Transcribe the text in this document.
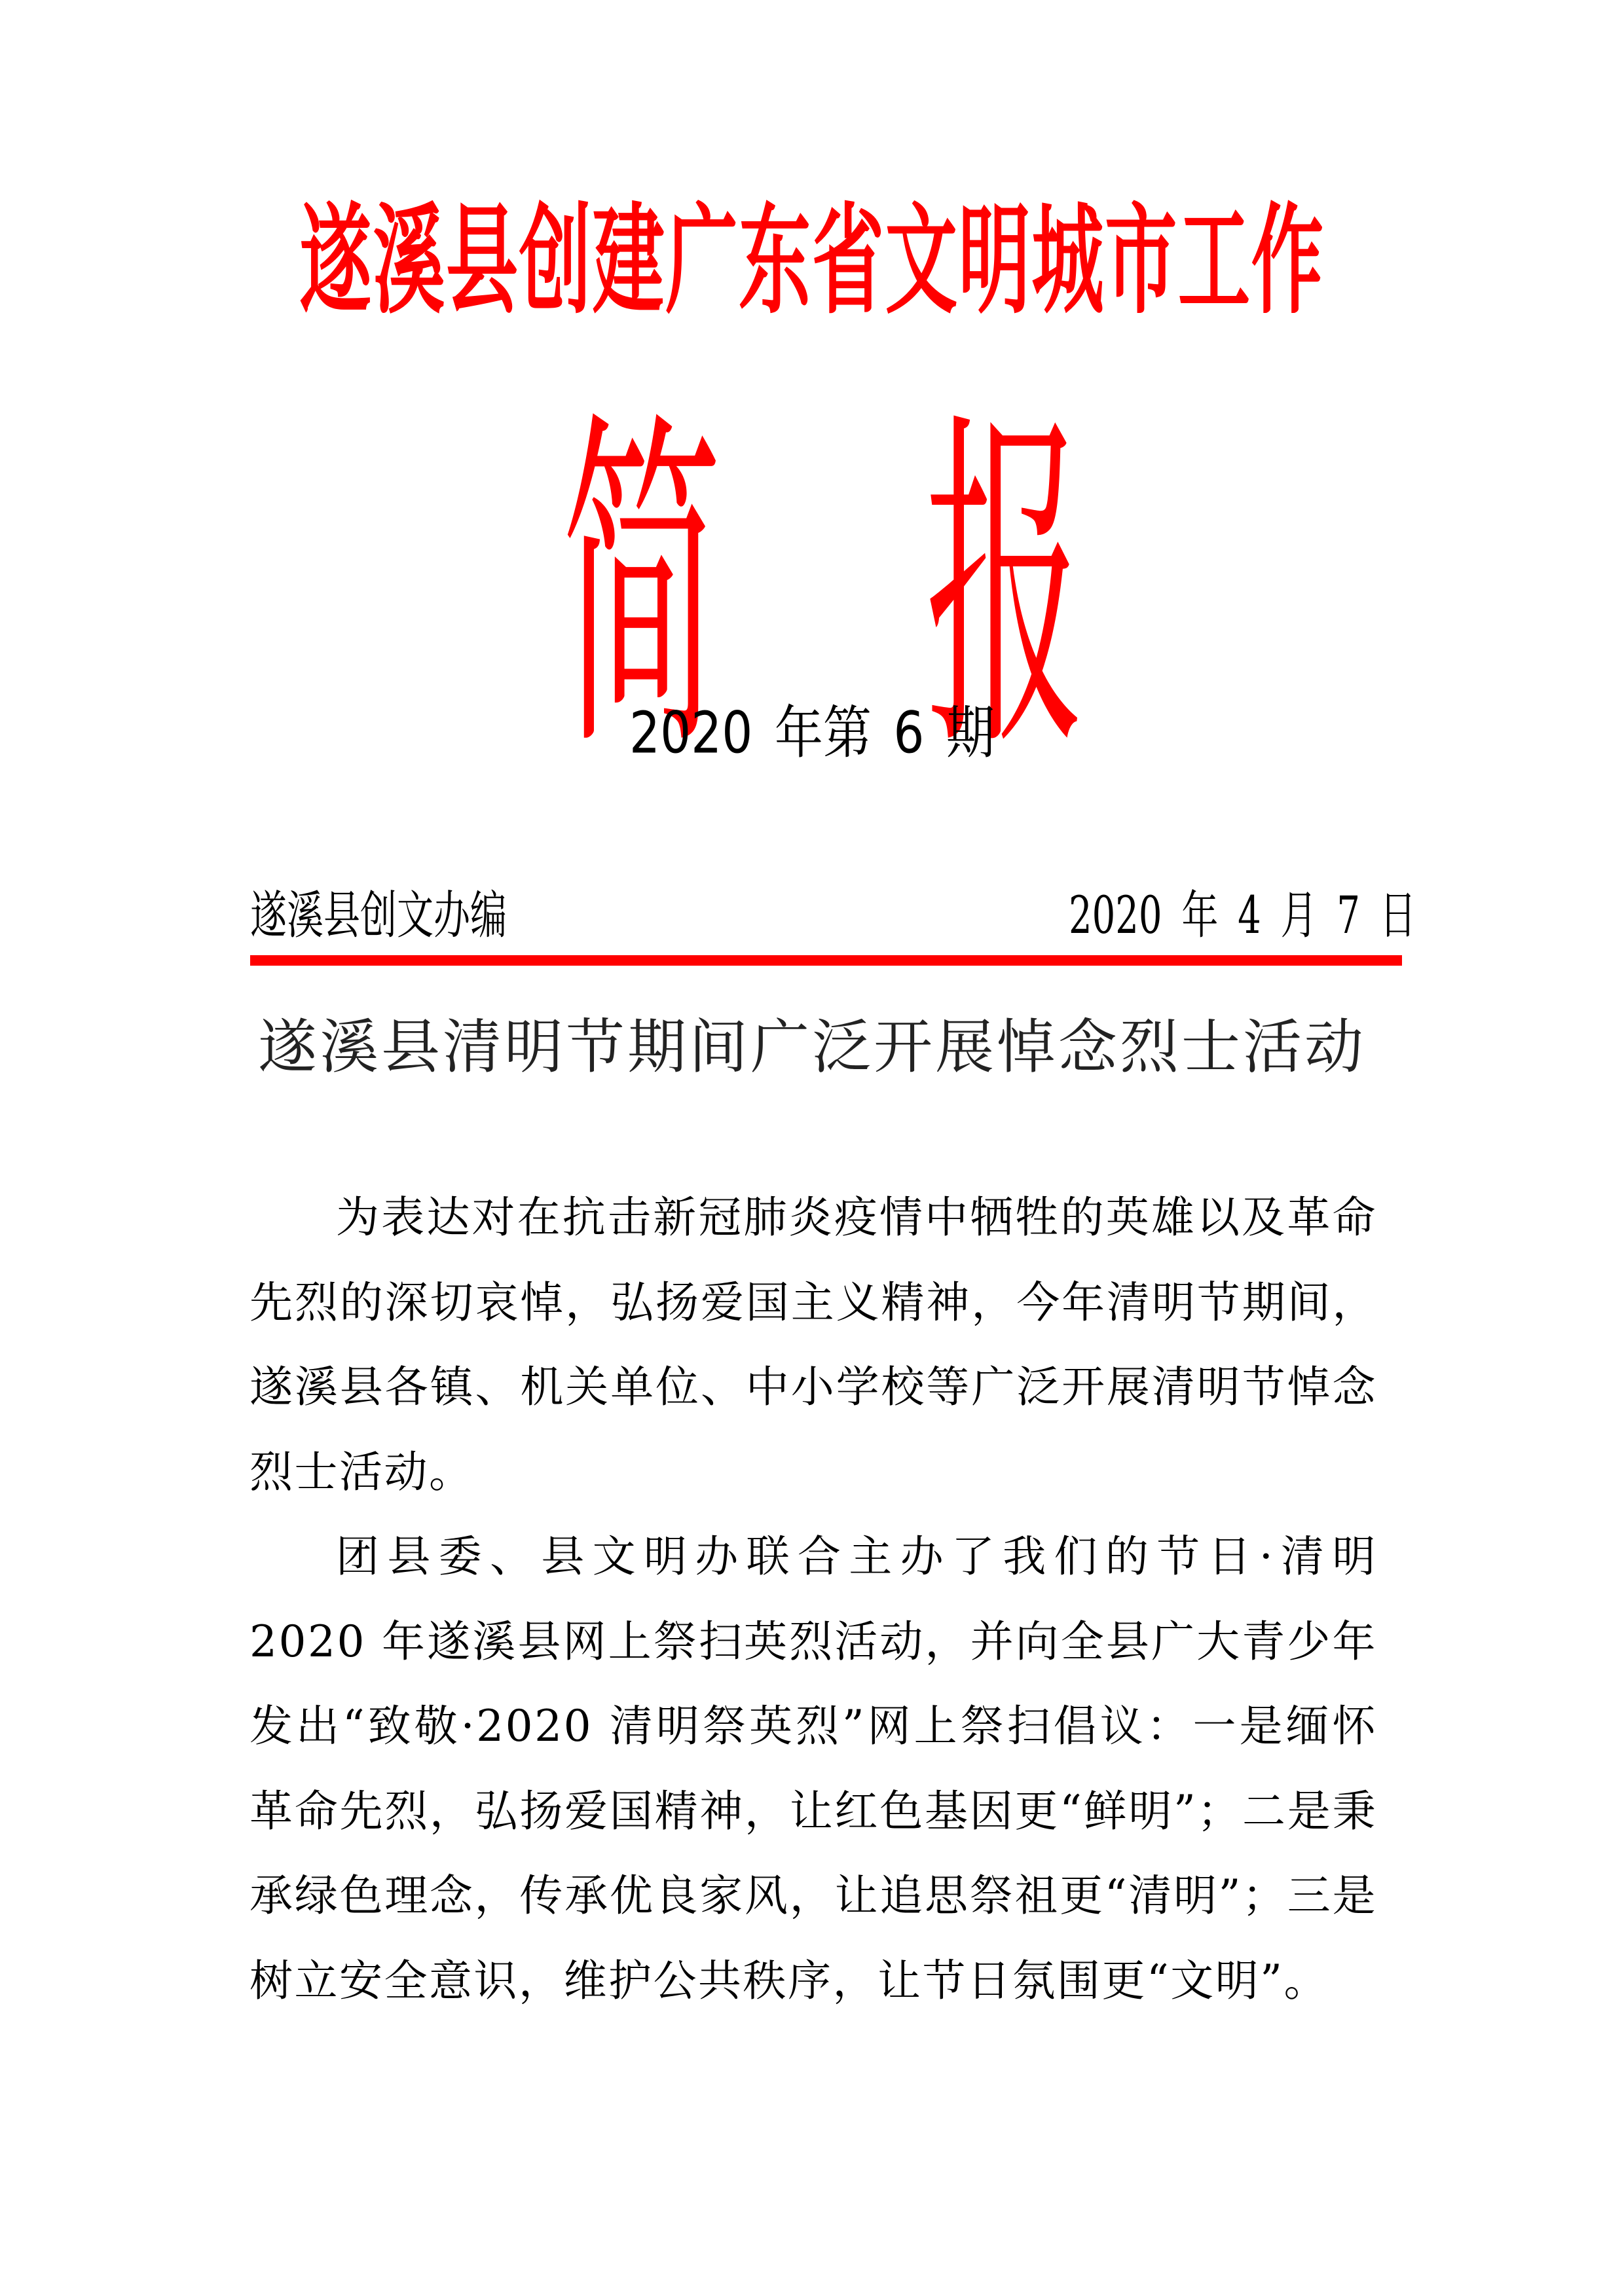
遂溪县创建广东省文明城市工作
简 报
2020 年第 6 期
遂溪县创文办编	2020 年 4 月 7 日
遂溪县清明节期间广泛开展悼念烈士活动

为表达对在抗击新冠肺炎疫情中牺牲的英雄以及革命先烈的深切哀悼，弘扬爱国主义精神，今年清明节期间，遂溪县各镇、机关单位、中小学校等广泛开展清明节悼念烈士活动。

团县委、县文明办联合主办了我们的节日·清明 2020 年遂溪县网上祭扫英烈活动，并向全县广大青少年发出“致敬·2020 清明祭英烈”网上祭扫倡议：一是缅怀革命先烈，弘扬爱国精神，让红色基因更“鲜明”；二是秉承绿色理念，传承优良家风，让追思祭祖更“清明”；三是树立安全意识，维护公共秩序，让节日氛围更“文明”。
